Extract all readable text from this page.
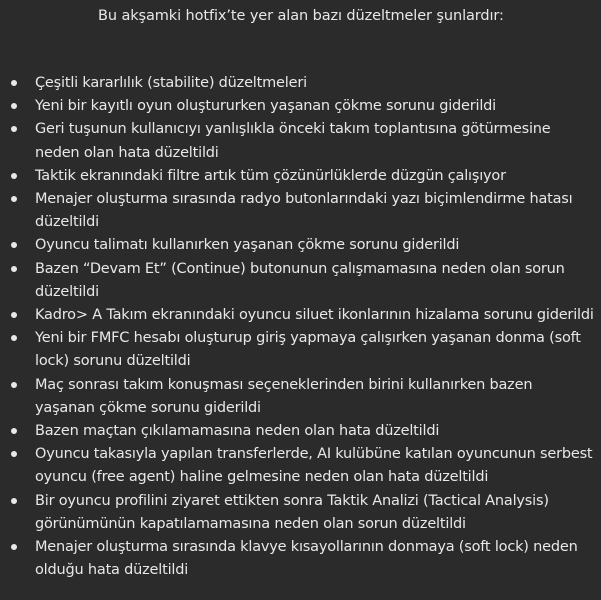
Bu akşamki hotfix’te yer alan bazı düzeltmeler şunlardır:
Çeşitli kararlılık (stabilite) düzeltmeleri
Yeni bir kayıtlı oyun oluştururken yaşanan çökme sorunu giderildi
Geri tuşunun kullanıcıyı yanlışlıkla önceki takım toplantısına götürmesine neden olan hata düzeltildi
Taktik ekranındaki filtre artık tüm çözünürlüklerde düzgün çalışıyor
Menajer oluşturma sırasında radyo butonlarındaki yazı biçimlendirme hatası düzeltildi
Oyuncu talimatı kullanırken yaşanan çökme sorunu giderildi
Bazen “Devam Et” (Continue) butonunun çalışmamasına neden olan sorun düzeltildi
Kadro> A Takım ekranındaki oyuncu siluet ikonlarının hizalama sorunu giderildi
Yeni bir FMFC hesabı oluşturup giriş yapmaya çalışırken yaşanan donma (soft lock) sorunu düzeltildi
Maç sonrası takım konuşması seçeneklerinden birini kullanırken bazen yaşanan çökme sorunu giderildi
Bazen maçtan çıkılamamasına neden olan hata düzeltildi
Oyuncu takasıyla yapılan transferlerde, AI kulübüne katılan oyuncunun serbest oyuncu (free agent) haline gelmesine neden olan hata düzeltildi
Bir oyuncu profilini ziyaret ettikten sonra Taktik Analizi (Tactical Analysis) görünümünün kapatılamamasına neden olan sorun düzeltildi
Menajer oluşturma sırasında klavye kısayollarının donmaya (soft lock) neden olduğu hata düzeltildi
